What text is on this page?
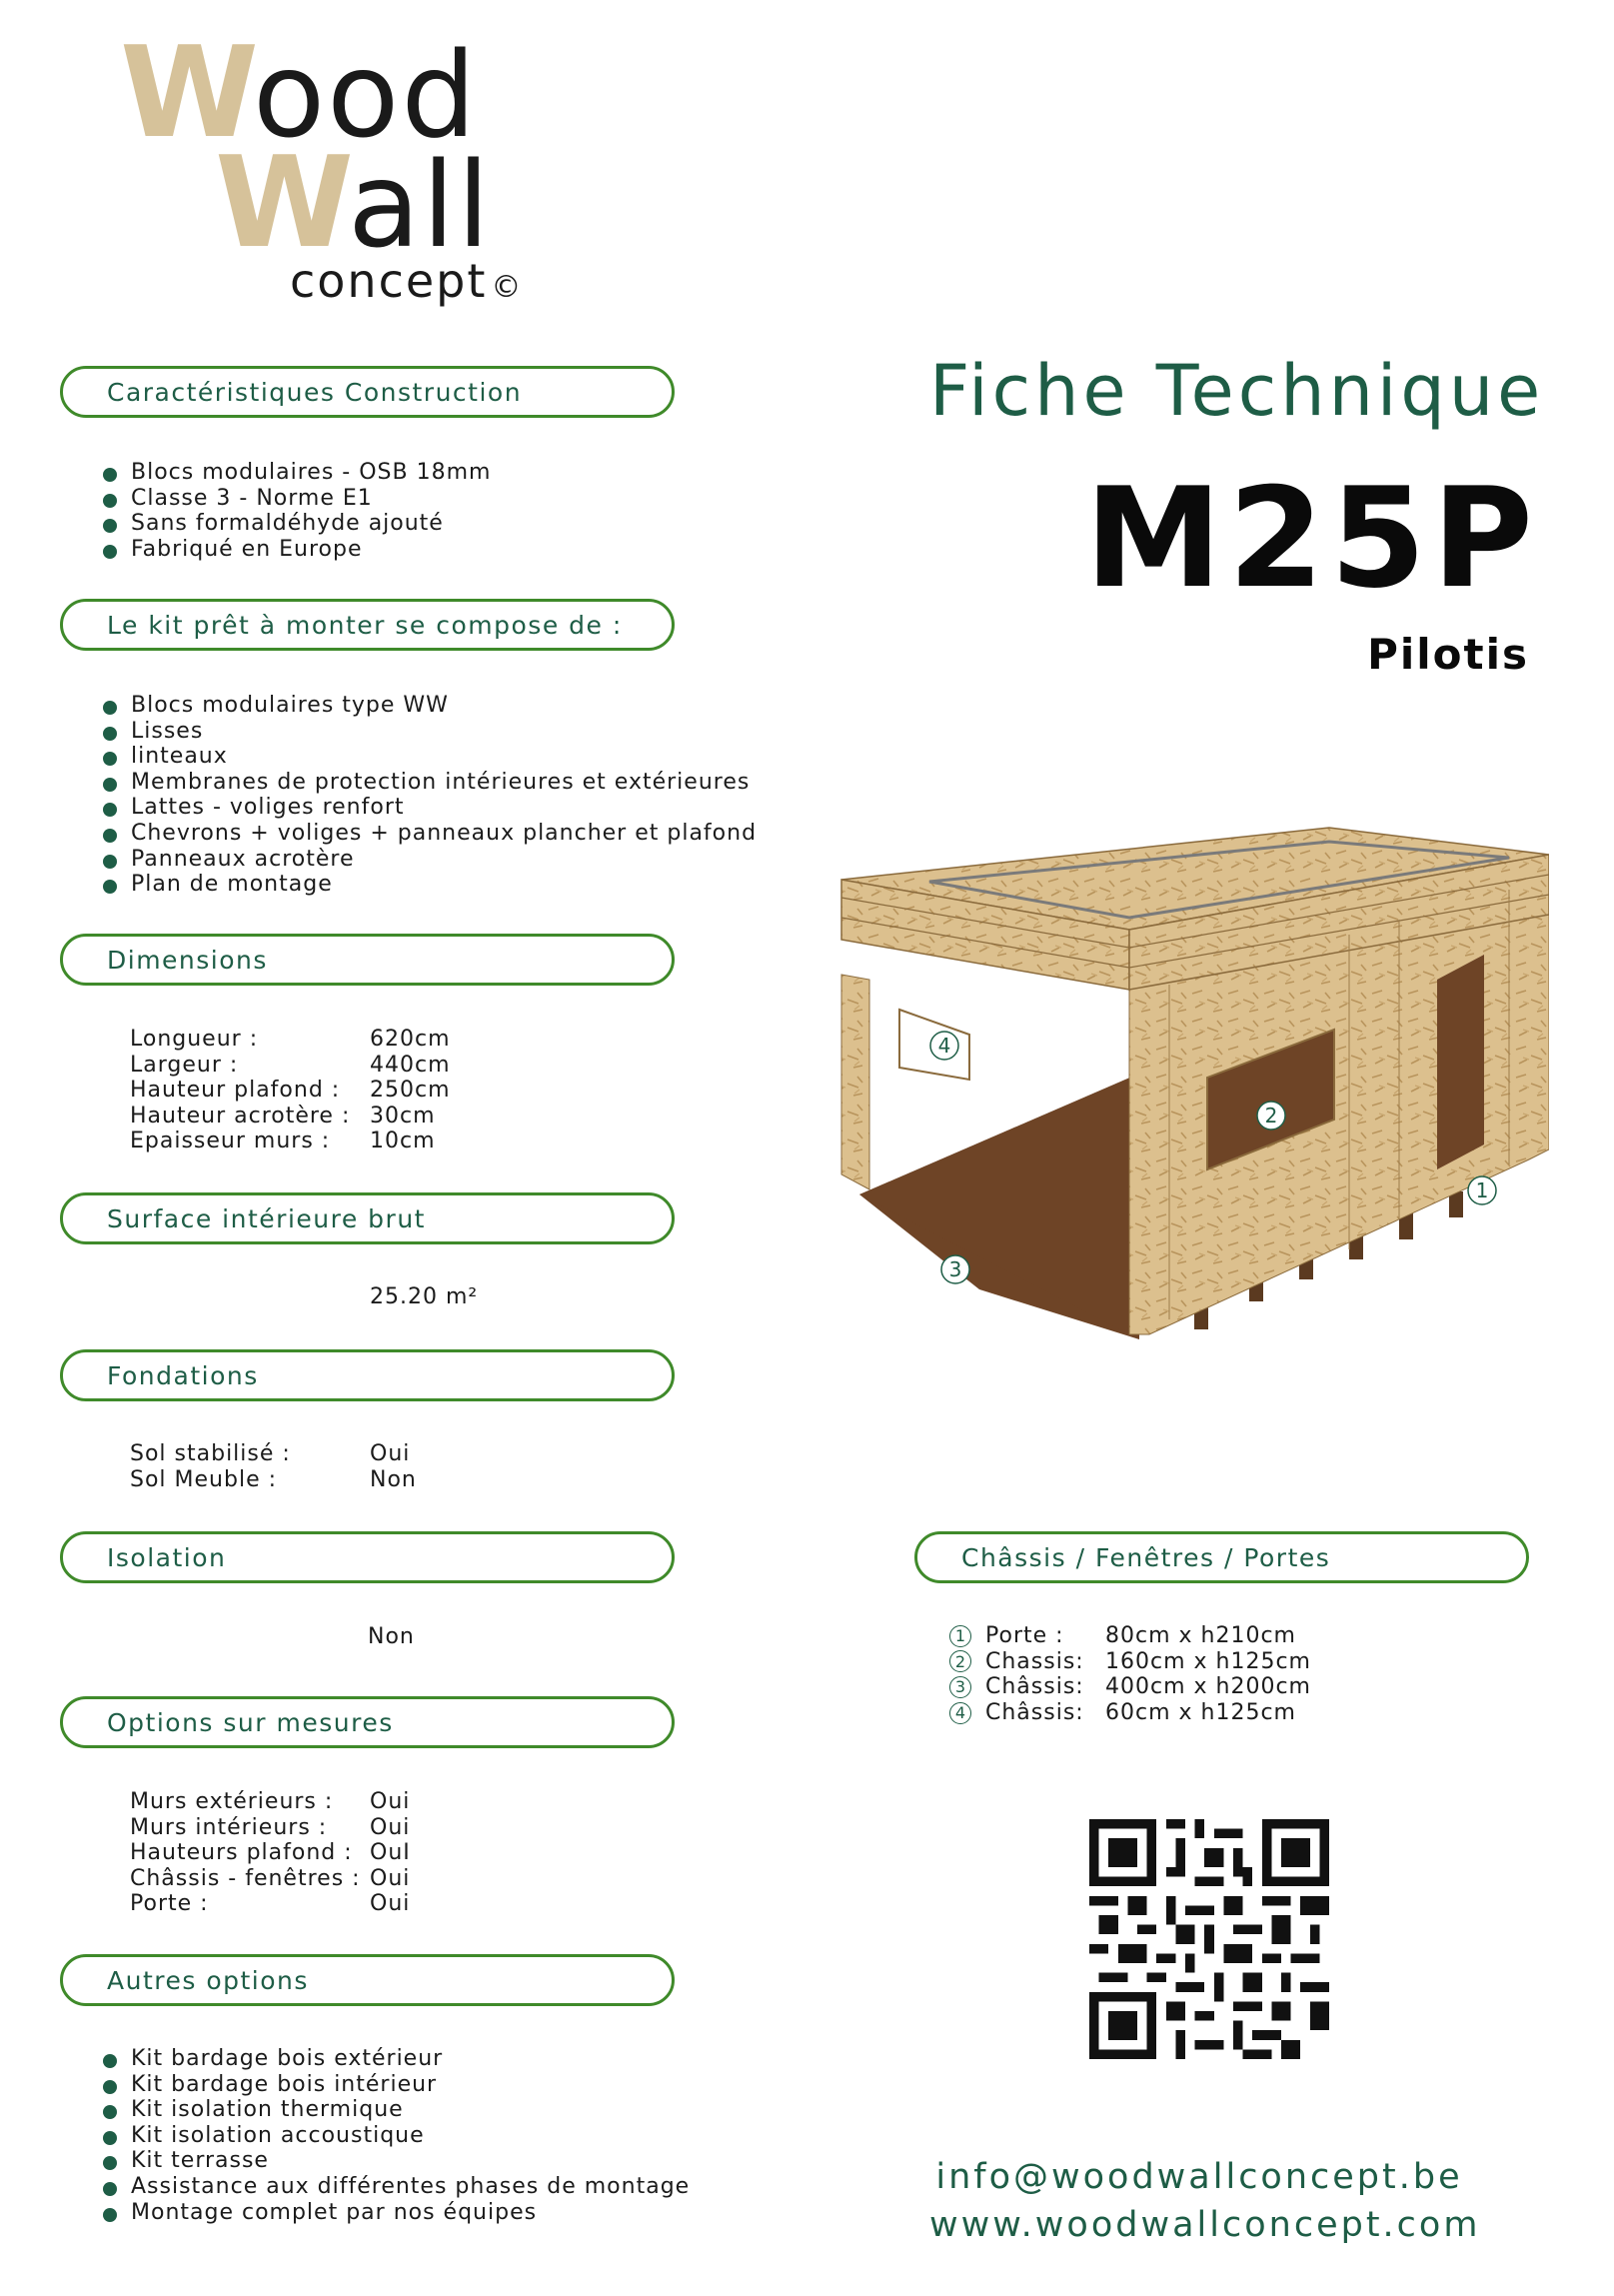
Wood
Wall
concept ©
Caractéristiques Construction
Blocs modulaires - OSB 18mm
Classe 3 - Norme E1
Sans formaldéhyde ajouté
Fabriqué en Europe
Le kit prêt à monter se compose de :
Blocs modulaires type WW
Lisses
linteaux
Membranes de protection intérieures et extérieures
Lattes - voliges renfort
Chevrons + voliges + panneaux plancher et plafond
Panneaux acrotère
Plan de montage
Dimensions
Longueur :	620cm
Largeur :	440cm
Hauteur plafond :	250cm
Hauteur acrotère : 30cm
Epaisseur murs :	10cm
Surface intérieure brut
25.20 m²
Fondations
Sol stabilisé :	Oui
Sol Meuble :	Non
Isolation
Non
Options sur mesures
Murs extérieurs :	Oui
Murs intérieurs :	Oui
Hauteurs plafond : OuI
Châssis - fenêtres : Oui
Porte :	Oui
Autres options
Kit bardage bois extérieur
Kit bardage bois intérieur
Kit isolation thermique
Kit isolation accoustique
Kit terrasse
Assistance aux différentes phases de montage
Montage complet par nos équipes
Fiche Technique
M25P
Pilotis
4
2
1
3
Châssis / Fenêtres / Portes
1 Porte :	80cm x h210cm
2 Chassis: 160cm x h125cm
3 Châssis: 400cm x h200cm
4 Châssis: 60cm x h125cm
info@woodwallconcept.be
www.woodwallconcept.com
